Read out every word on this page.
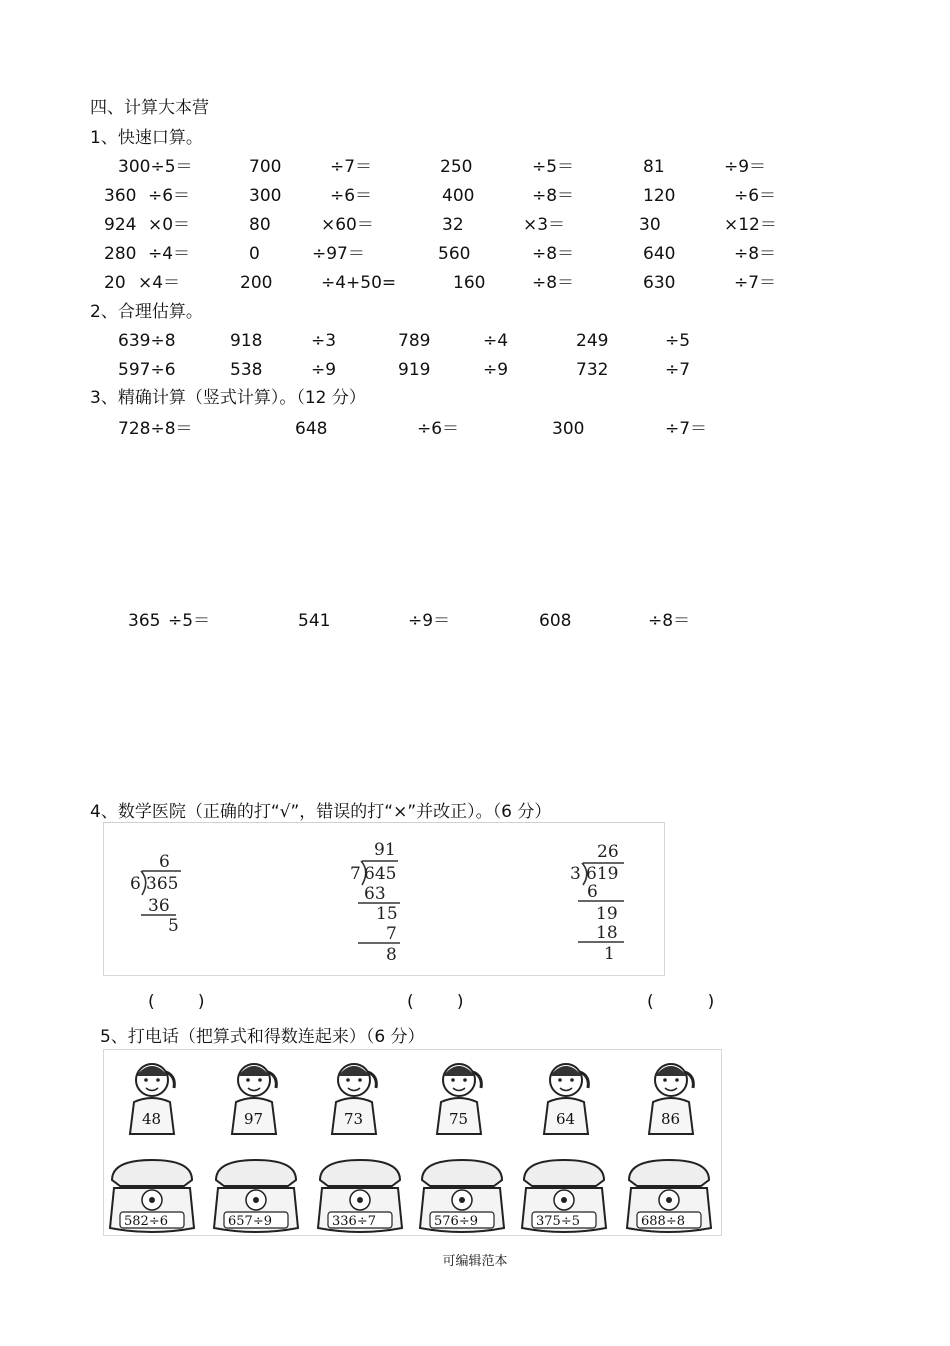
四、计算大本营
1、快速口算。
300÷5＝	700	÷7＝	250	÷5＝	81	÷9＝
360 ÷6＝	300	÷6＝	400	÷8＝	120	÷6＝
924 ×0＝	80	×60＝	32	×3＝	30	×12＝
280 ÷4＝	0	÷97＝	560	÷8＝	640	÷8＝
20 ×4＝	200	÷4+50=	160	÷8＝	630	÷7＝
2、合理估算。
639÷8	918	÷3	789	÷4	249	÷5
597÷6	538	÷9	919	÷9	732	÷7
3、精确计算（竖式计算）。（12 分）
728÷8＝	648	÷6＝	300	÷7＝
365 ÷5＝	541	÷9＝	608	÷8＝
4、数学医院（正确的打“√”，错误的打“×”并改正）。（6 分）
6
6 365
36
5
91
7 645
63
15
7
8
26
3 619
6
19
18
1
(        )	(        )	(          )
5、打电话（把算式和得数连起来）（6 分）
48	97	73	75	64	86
582÷6	657÷9	336÷7	576÷9	375÷5	688÷8
可编辑范本
